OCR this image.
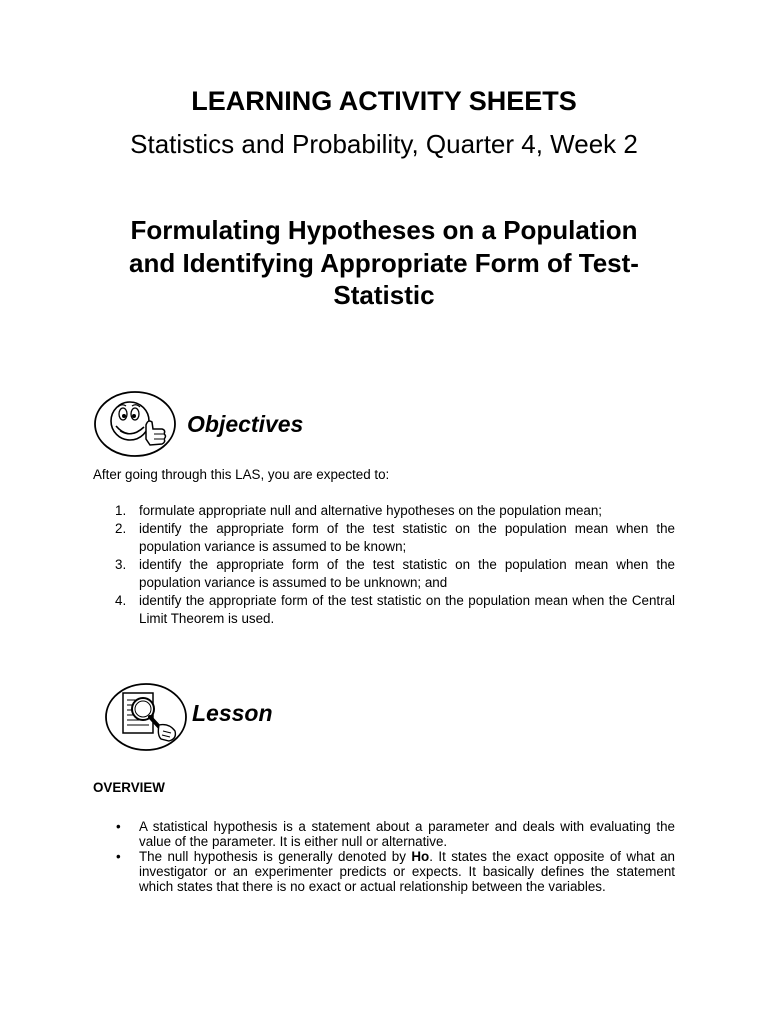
LEARNING ACTIVITY SHEETS
Statistics and Probability, Quarter 4, Week 2
Formulating Hypotheses on a Population
and Identifying Appropriate Form of Test-
Statistic
Objectives
After going through this LAS, you are expected to:
1. formulate appropriate null and alternative hypotheses on the population mean;
2. identify the appropriate form of the test statistic on the population mean when the population variance is assumed to be known;
3. identify the appropriate form of the test statistic on the population mean when the population variance is assumed to be unknown; and
4. identify the appropriate form of the test statistic on the population mean when the Central Limit Theorem is used.
Lesson
OVERVIEW
• A statistical hypothesis is a statement about a parameter and deals with evaluating the value of the parameter. It is either null or alternative.
• The null hypothesis is generally denoted by Ho. It states the exact opposite of what an investigator or an experimenter predicts or expects. It basically defines the statement which states that there is no exact or actual relationship between the variables.
